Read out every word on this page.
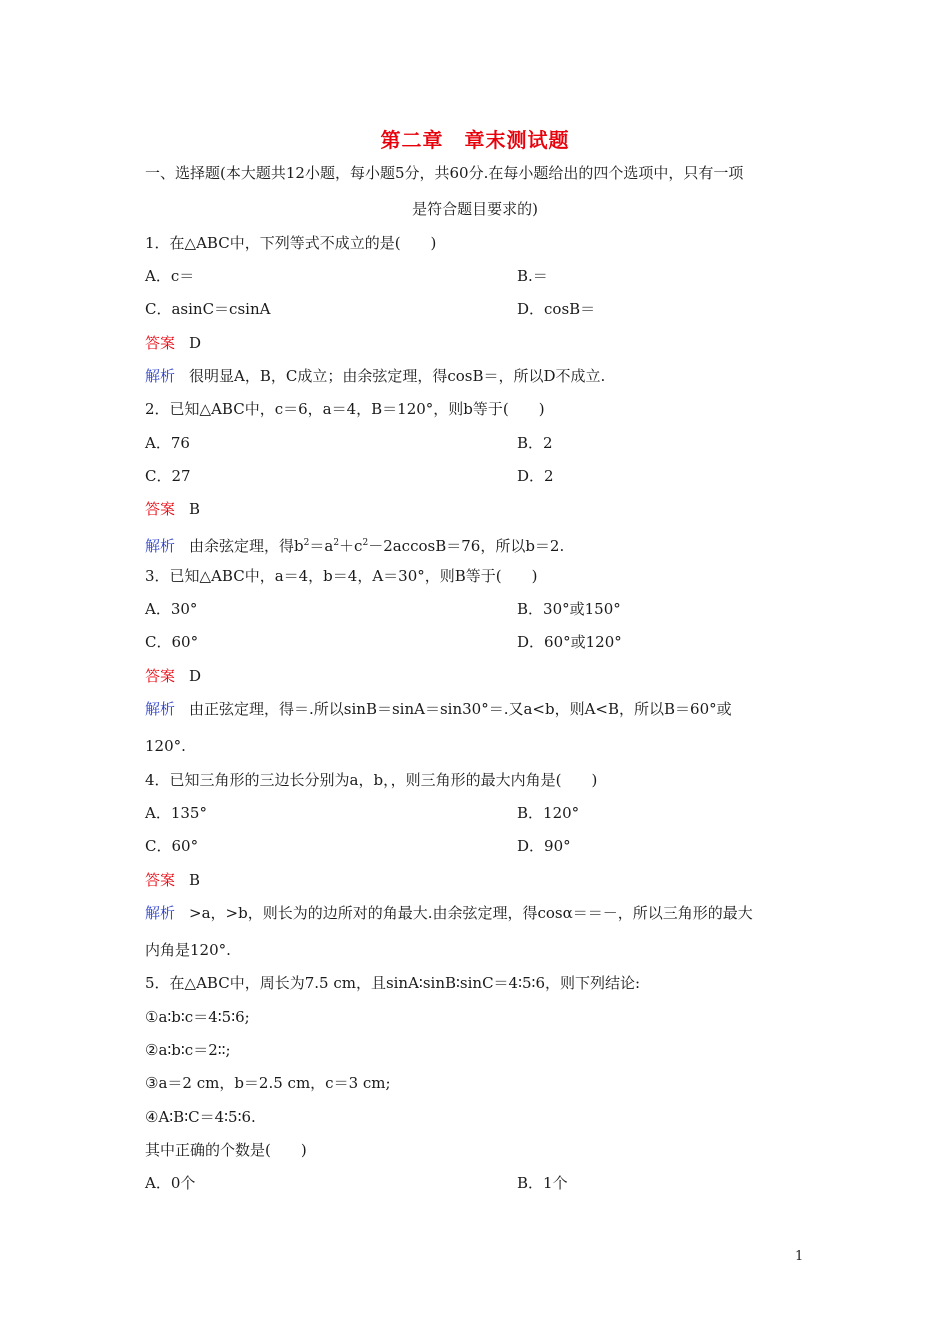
第二章　章末测试题
一、选择题(本大题共12小题，每小题5分，共60分.在每小题给出的四个选项中，只有一项
是符合题目要求的)
1．在△ABC中，下列等式不成立的是(　　)
A．c＝	B.＝
C．asinC＝csinA	D．cosB＝
答案 D
解析 很明显A，B，C成立；由余弦定理，得cosB＝，所以D不成立.
2．已知△ABC中，c＝6，a＝4，B＝120°，则b等于(　　)
A．76	B．2
C．27	D．2
答案 B
解析 由余弦定理，得$b^2=a^2+c^2-2accosB=76$，所以b＝2.
3．已知△ABC中，a＝4，b＝4，A＝30°，则B等于(　　)
A．30°	B．30°或150°
C．60°	D．60°或120°
答案 D
解析 由正弦定理，得＝.所以sinB＝sinA＝sin30°＝.又a<b，则A<B，所以B＝60°或
120°.
4．已知三角形的三边长分别为a，b，，则三角形的最大内角是(　　)
A．135°	B．120°
C．60°	D．90°
答案 B
解析 >a，>b，则长为的边所对的角最大.由余弦定理，得cosα＝＝－，所以三角形的最大
内角是120°.
5．在△ABC中，周长为7.5 cm，且sinA∶sinB∶sinC＝4∶5∶6，则下列结论:
①a∶b∶c＝4∶5∶6;
②a∶b∶c＝2∶∶;
③a＝2 cm，b＝2.5 cm，c＝3 cm;
④A∶B∶C＝4∶5∶6.
其中正确的个数是(　　)
A．0个	B．1个
1
